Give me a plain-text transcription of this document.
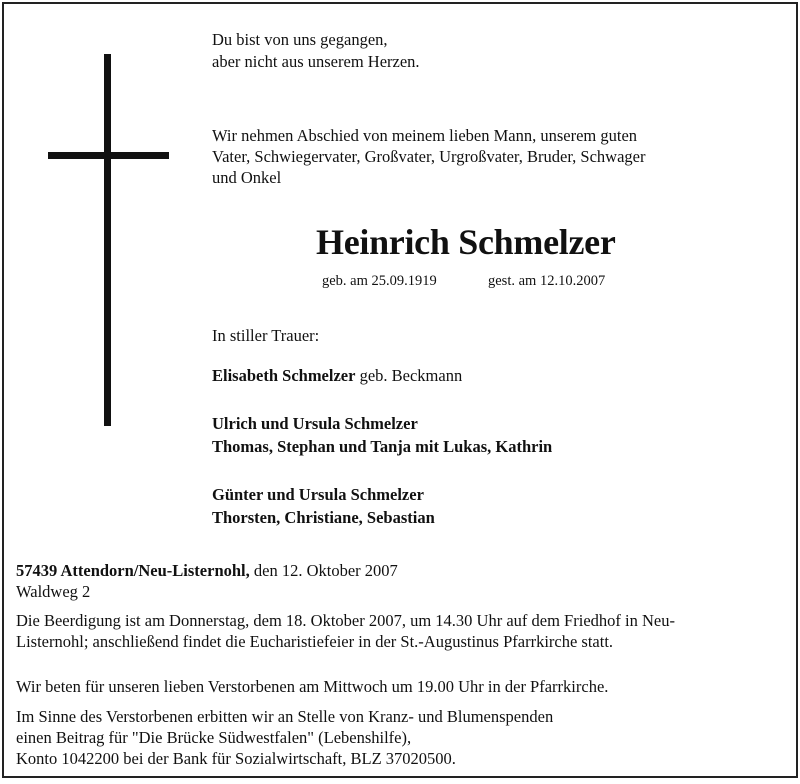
Du bist von uns gegangen,
aber nicht aus unserem Herzen.
Wir nehmen Abschied von meinem lieben Mann, unserem guten
Vater, Schwiegervater, Großvater, Urgroßvater, Bruder, Schwager
und Onkel
Heinrich Schmelzer
geb. am 25.09.1919	gest. am 12.10.2007
In stiller Trauer:
Elisabeth Schmelzer geb. Beckmann
Ulrich und Ursula Schmelzer
Thomas, Stephan und Tanja mit Lukas, Kathrin
Günter und Ursula Schmelzer
Thorsten, Christiane, Sebastian
57439 Attendorn/Neu-Listernohl, den 12. Oktober 2007
Waldweg 2
Die Beerdigung ist am Donnerstag, dem 18. Oktober 2007, um 14.30 Uhr auf dem Friedhof in Neu-
Listernohl; anschließend findet die Eucharistiefeier in der St.-Augustinus Pfarrkirche statt.
Wir beten für unseren lieben Verstorbenen am Mittwoch um 19.00 Uhr in der Pfarrkirche.
Im Sinne des Verstorbenen erbitten wir an Stelle von Kranz- und Blumenspenden
einen Beitrag für "Die Brücke Südwestfalen" (Lebenshilfe),
Konto 1042200 bei der Bank für Sozialwirtschaft, BLZ 37020500.
